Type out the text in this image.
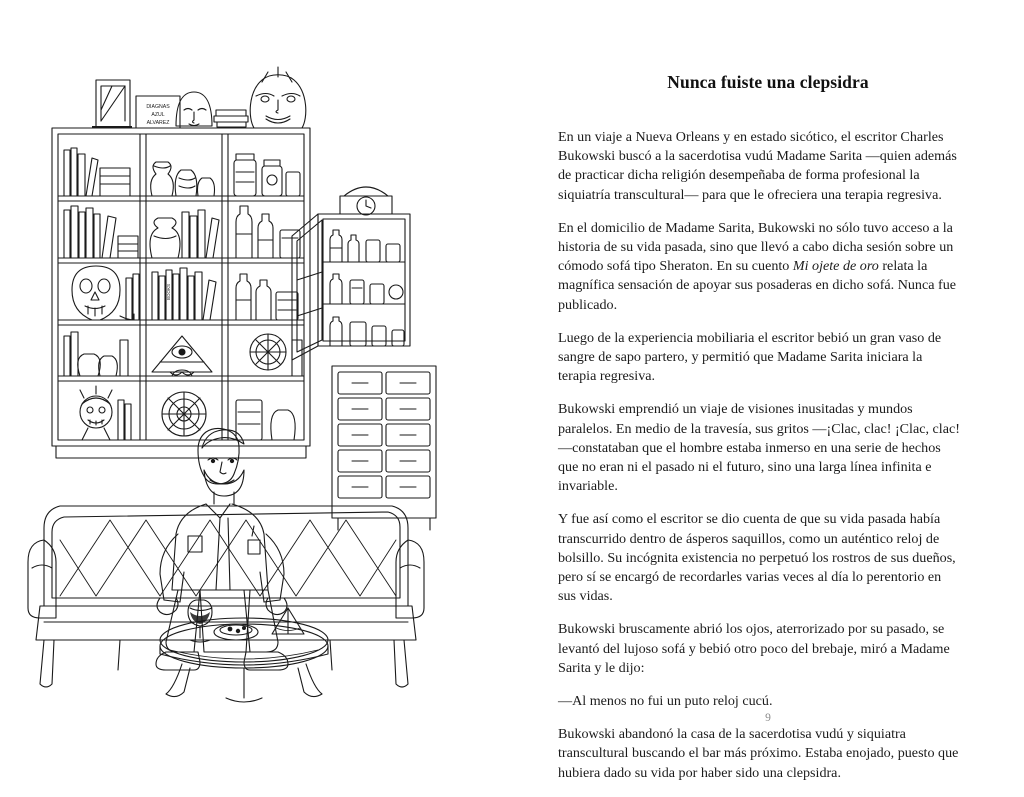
DIAGNAS
AZUL
ALVAREZ
BOOKS
Nunca fuiste una clepsidra

En un viaje a Nueva Orleans y en estado sicótico, el escritor Charles Bukowski buscó a la sacerdotisa vudú Madame Sarita —quien además de practicar dicha religión desempeñaba de forma profesional la siquiatría transcultural— para que le ofreciera una terapia regresiva.

En el domicilio de Madame Sarita, Bukowski no sólo tuvo acceso a la historia de su vida pasada, sino que llevó a cabo dicha sesión sobre un cómodo sofá tipo Sheraton. En su cuento Mi ojete de oro relata la magnífica sensación de apoyar sus posaderas en dicho sofá. Nunca fue publicado.

Luego de la experiencia mobiliaria el escritor bebió un gran vaso de sangre de sapo partero, y permitió que Madame Sarita iniciara la terapia regresiva.

Bukowski emprendió un viaje de visiones inusitadas y mundos paralelos. En medio de la travesía, sus gritos —¡Clac, clac! ¡Clac, clac! —constataban que el hombre estaba inmerso en una serie de hechos que no eran ni el pasado ni el futuro, sino una larga línea infinita e invariable.

Y fue así como el escritor se dio cuenta de que su vida pasada había transcurrido dentro de ásperos saquillos, como un auténtico reloj de bolsillo. Su incógnita existencia no perpetuó los rostros de sus dueños, pero sí se encargó de recordarles varias veces al día lo perentorio en sus vidas.

Bukowski bruscamente abrió los ojos, aterrorizado por su pasado, se levantó del lujoso sofá y bebió otro poco del brebaje, miró a Madame Sarita y le dijo:

—Al menos no fui un puto reloj cucú.

Bukowski abandonó la casa de la sacerdotisa vudú y siquiatra transcultural buscando el bar más próximo. Estaba enojado, puesto que hubiera dado su vida por haber sido una clepsidra.

9
